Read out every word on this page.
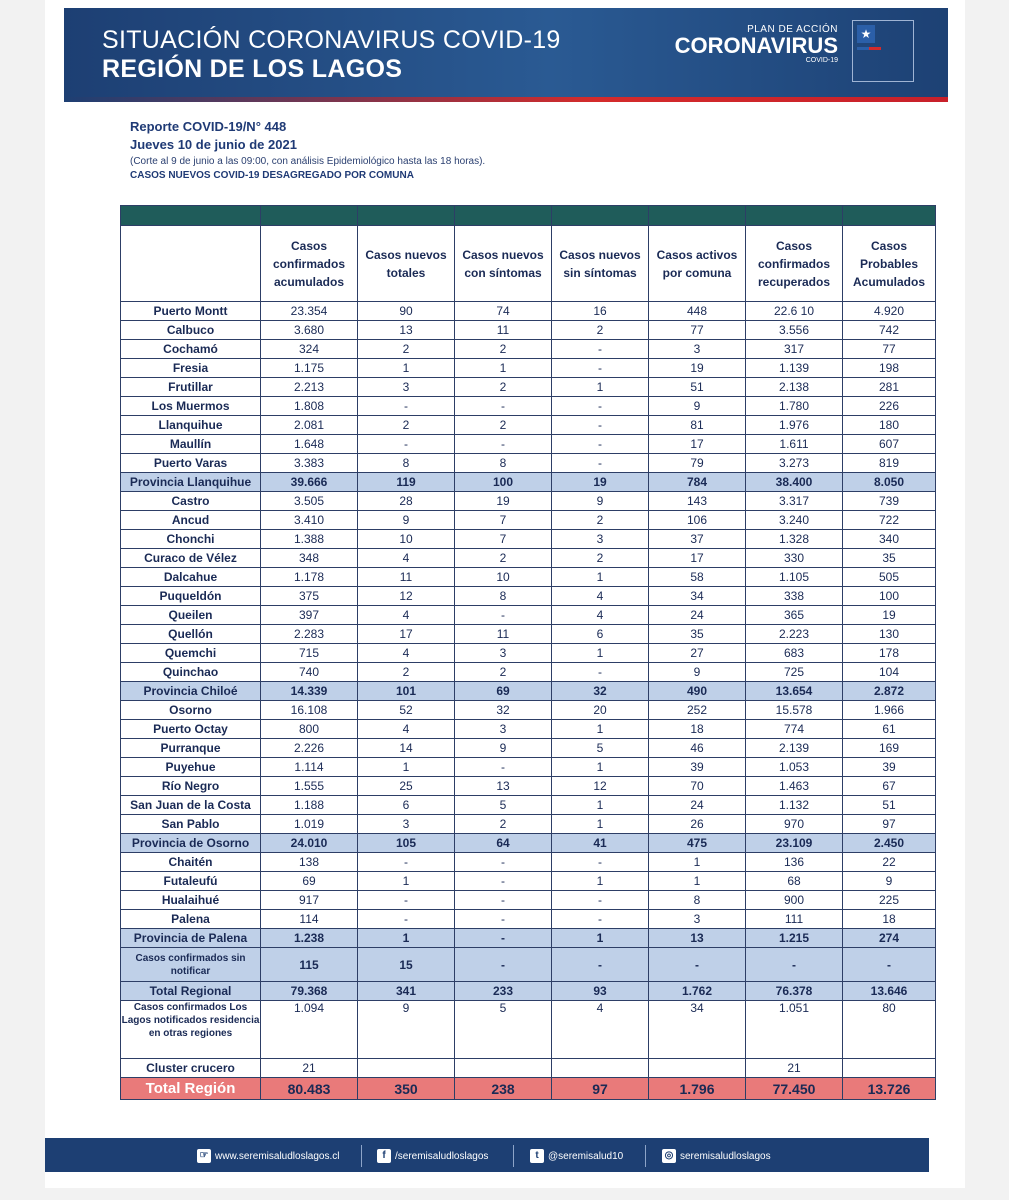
SITUACIÓN CORONAVIRUS COVID-19
REGIÓN DE LOS LAGOS
PLAN DE ACCIÓN
CORONAVIRUS
COVID-19
★
Reporte COVID-19/N° 448
Jueves 10 de junio de 2021
(Corte al 9 de junio a las 09:00, con análisis Epidemiológico hasta las 18 horas).
CASOS NUEVOS COVID-19 DESAGREGADO POR COMUNA

	Casos confirmados acumulados	Casos nuevos totales	Casos nuevos con síntomas	Casos nuevos sin síntomas	Casos activos por comuna	Casos confirmados recuperados	Casos Probables Acumulados
Puerto Montt	23.354	90	74	16	448	22.6 10	4.920
Calbuco	3.680	13	11	2	77	3.556	742
Cochamó	324	2	2	-	3	317	77
Fresia	1.175	1	1	-	19	1.139	198
Frutillar	2.213	3	2	1	51	2.138	281
Los Muermos	1.808	-	-	-	9	1.780	226
Llanquihue	2.081	2	2	-	81	1.976	180
Maullín	1.648	-	-	-	17	1.611	607
Puerto Varas	3.383	8	8	-	79	3.273	819
Provincia Llanquihue	39.666	119	100	19	784	38.400	8.050
Castro	3.505	28	19	9	143	3.317	739
Ancud	3.410	9	7	2	106	3.240	722
Chonchi	1.388	10	7	3	37	1.328	340
Curaco de Vélez	348	4	2	2	17	330	35
Dalcahue	1.178	11	10	1	58	1.105	505
Puqueldón	375	12	8	4	34	338	100
Queilen	397	4	-	4	24	365	19
Quellón	2.283	17	11	6	35	2.223	130
Quemchi	715	4	3	1	27	683	178
Quinchao	740	2	2	-	9	725	104
Provincia Chiloé	14.339	101	69	32	490	13.654	2.872
Osorno	16.108	52	32	20	252	15.578	1.966
Puerto Octay	800	4	3	1	18	774	61
Purranque	2.226	14	9	5	46	2.139	169
Puyehue	1.114	1	-	1	39	1.053	39
Río Negro	1.555	25	13	12	70	1.463	67
San Juan de la Costa	1.188	6	5	1	24	1.132	51
San Pablo	1.019	3	2	1	26	970	97
Provincia de Osorno	24.010	105	64	41	475	23.109	2.450
Chaitén	138	-	-	-	1	136	22
Futaleufú	69	1	-	1	1	68	9
Hualaihué	917	-	-	-	8	900	225
Palena	114	-	-	-	3	111	18
Provincia de Palena	1.238	1	-	1	13	1.215	274
Casos confirmados sin notificar	115	15	-	-	-	-	-
Total Regional	79.368	341	233	93	1.762	76.378	13.646
Casos confirmados Los Lagos notificados residencia en otras regiones	1.094	9	5	4	34	1.051	80
Cluster crucero	21					21	
Total Región	80.483	350	238	97	1.796	77.450	13.726
☞ www.seremisaludloslagos.cl	f /seremisaludloslagos	t @seremisalud10	◎ seremisaludloslagos
